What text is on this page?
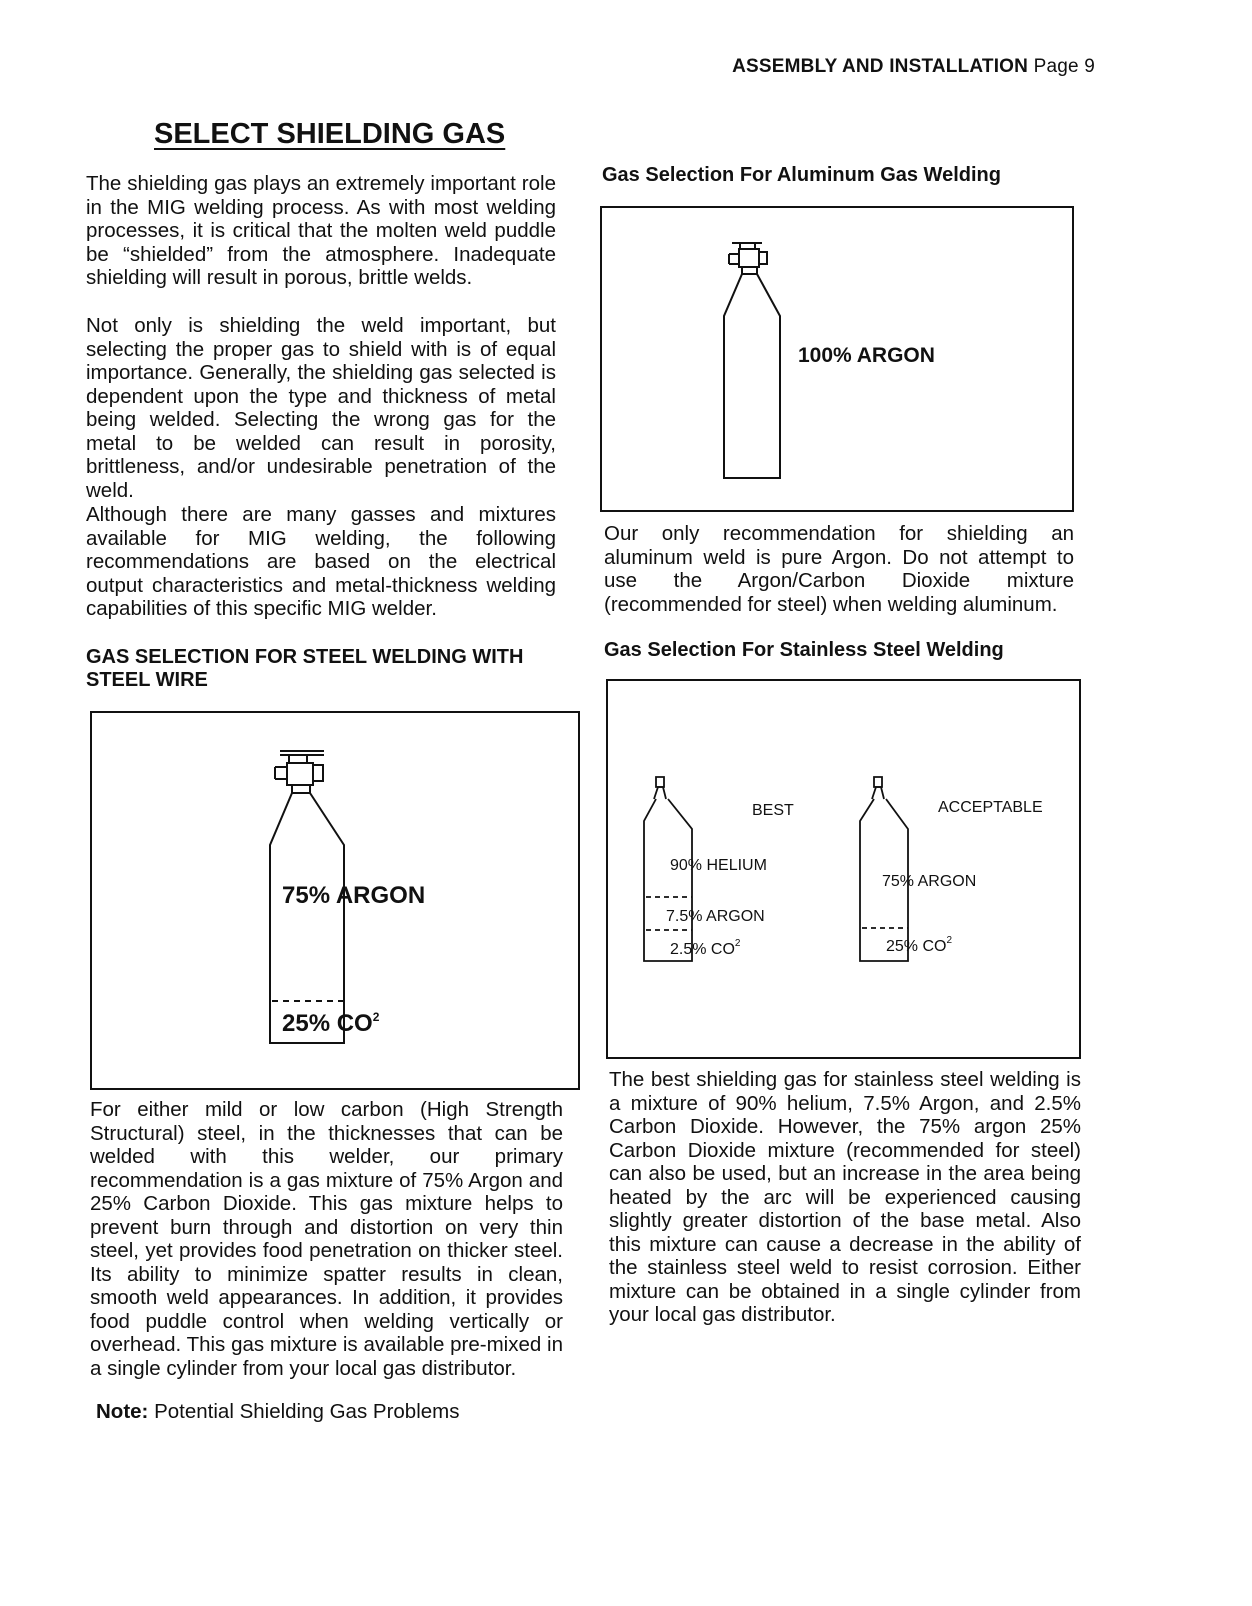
ASSEMBLY AND INSTALLATION Page 9
SELECT SHIELDING GAS

The shielding gas plays an extremely important role in the MIG welding process. As with most welding processes, it is critical that the molten weld puddle be “shielded” from the atmosphere. Inadequate shielding will result in porous, brittle welds.

Not only is shielding the weld important, but selecting the proper gas to shield with is of equal importance. Generally, the shielding gas selected is dependent upon the type and thickness of metal being welded. Selecting the wrong gas for the metal to be welded can result in porosity, brittleness, and/or undesirable penetration of the weld.

Although there are many gasses and mixtures available for MIG welding, the following recommendations are based on the electrical output characteristics and metal-thickness welding capabilities of this specific MIG welder.

GAS SELECTION FOR STEEL WELDING WITH STEEL WIRE

75% ARGON
25% $CO^2$

For either mild or low carbon (High Strength Structural) steel, in the thicknesses that can be welded with this welder, our primary recommendation is a gas mixture of 75% Argon and 25% Carbon Dioxide. This gas mixture helps to prevent burn through and distortion on very thin steel, yet provides food penetration on thicker steel. Its ability to minimize spatter results in clean, smooth weld appearances. In addition, it provides food puddle control when welding vertically or overhead. This gas mixture is available pre-mixed in a single cylinder from your local gas distributor.

Note: Potential Shielding Gas Problems

Gas Selection For Aluminum Gas Welding

100% ARGON

Our only recommendation for shielding an aluminum weld is pure Argon. Do not attempt to use the Argon/Carbon Dioxide mixture (recommended for steel) when welding aluminum.

Gas Selection For Stainless Steel Welding

BEST
90% HELIUM
7.5% ARGON
2.5% $CO^2$
ACCEPTABLE
75% ARGON
25% $CO^2$

The best shielding gas for stainless steel welding is a mixture of 90% helium, 7.5% Argon, and 2.5% Carbon Dioxide. However, the 75% argon 25% Carbon Dioxide mixture (recommended for steel) can also be used, but an increase in the area being heated by the arc will be experienced causing slightly greater distortion of the base metal. Also this mixture can cause a decrease in the ability of the stainless steel weld to resist corrosion. Either mixture can be obtained in a single cylinder from your local gas distributor.
